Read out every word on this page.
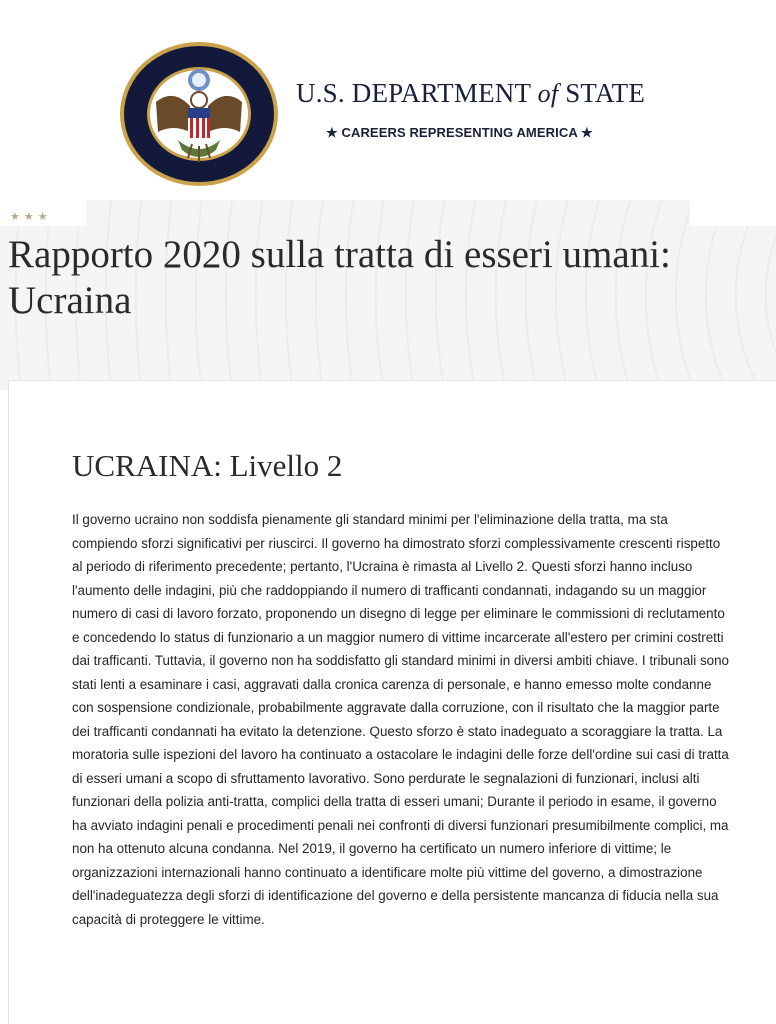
U.S. DEPARTMENT of STATE
★ CAREERS REPRESENTING AMERICA ★
★★★
Rapporto 2020 sulla tratta di esseri umani: Ucraina
UCRAINA: Livello 2

Il governo ucraino non soddisfa pienamente gli standard minimi per l'eliminazione della tratta, ma sta compiendo sforzi significativi per riuscirci. Il governo ha dimostrato sforzi complessivamente crescenti rispetto al periodo di riferimento precedente; pertanto, l'Ucraina è rimasta al Livello 2. Questi sforzi hanno incluso l'aumento delle indagini, più che raddoppiando il numero di trafficanti condannati, indagando su un maggior numero di casi di lavoro forzato, proponendo un disegno di legge per eliminare le commissioni di reclutamento e concedendo lo status di funzionario a un maggior numero di vittime incarcerate all'estero per crimini costretti dai trafficanti. Tuttavia, il governo non ha soddisfatto gli standard minimi in diversi ambiti chiave. I tribunali sono stati lenti a esaminare i casi, aggravati dalla cronica carenza di personale, e hanno emesso molte condanne con sospensione condizionale, probabilmente aggravate dalla corruzione, con il risultato che la maggior parte dei trafficanti condannati ha evitato la detenzione. Questo sforzo è stato inadeguato a scoraggiare la tratta. La moratoria sulle ispezioni del lavoro ha continuato a ostacolare le indagini delle forze dell'ordine sui casi di tratta di esseri umani a scopo di sfruttamento lavorativo. Sono perdurate le segnalazioni di funzionari, inclusi alti funzionari della polizia anti-tratta, complici della tratta di esseri umani; Durante il periodo in esame, il governo ha avviato indagini penali e procedimenti penali nei confronti di diversi funzionari presumibilmente complici, ma non ha ottenuto alcuna condanna. Nel 2019, il governo ha certificato un numero inferiore di vittime; le organizzazioni internazionali hanno continuato a identificare molte più vittime del governo, a dimostrazione dell'inadeguatezza degli sforzi di identificazione del governo e della persistente mancanza di fiducia nella sua capacità di proteggere le vittime.
